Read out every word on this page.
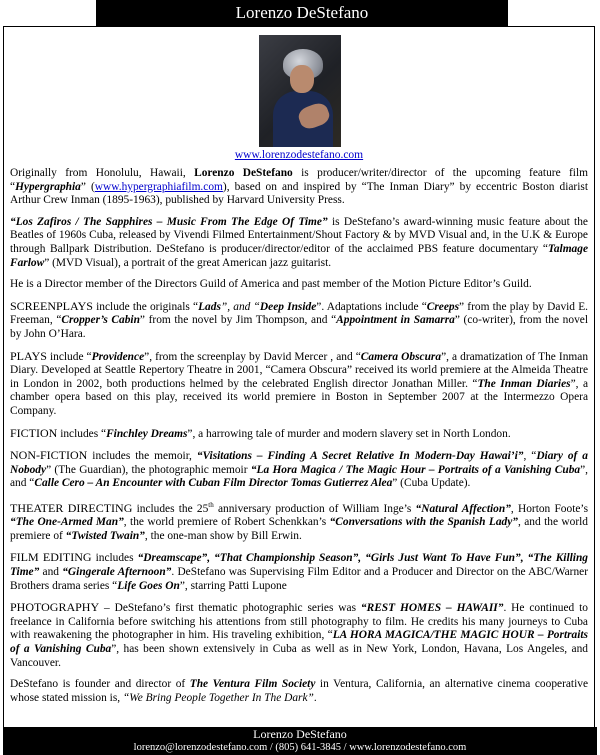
Lorenzo DeStefano
www.lorenzodestefano.com

Originally from Honolulu, Hawaii, Lorenzo DeStefano is producer/writer/director of the upcoming feature film “Hypergraphia” (www.hypergraphiafilm.com), based on and inspired by “The Inman Diary” by eccentric Boston diarist Arthur Crew Inman (1895-1963), published by Harvard University Press.

“Los Zafiros / The Sapphires – Music From The Edge Of Time” is DeStefano’s award-winning music feature about the Beatles of 1960s Cuba, released by Vivendi Filmed Entertainment/Shout Factory & by MVD Visual and, in the U.K & Europe through Ballpark Distribution. DeStefano is producer/director/editor of the acclaimed PBS feature documentary “Talmage Farlow” (MVD Visual), a portrait of the great American jazz guitarist.

He is a Director member of the Directors Guild of America and past member of the Motion Picture Editor’s Guild.

SCREENPLAYS include the originals “Lads”, and “Deep Inside”. Adaptations include “Creeps” from the play by David E. Freeman, “Cropper’s Cabin” from the novel by Jim Thompson, and “Appointment in Samarra” (co-writer), from the novel by John O’Hara.

PLAYS include “Providence”, from the screenplay by David Mercer , and “Camera Obscura”, a dramatization of The Inman Diary. Developed at Seattle Repertory Theatre in 2001, “Camera Obscura” received its world premiere at the Almeida Theatre in London in 2002, both productions helmed by the celebrated English director Jonathan Miller. “The Inman Diaries”, a chamber opera based on this play, received its world premiere in Boston in September 2007 at the Intermezzo Opera Company.

FICTION includes “Finchley Dreams”, a harrowing tale of murder and modern slavery set in North London.

NON-FICTION includes the memoir, “Visitations – Finding A Secret Relative In Modern-Day Hawai’i”, “Diary of a Nobody” (The Guardian), the photographic memoir “La Hora Magica / The Magic Hour – Portraits of a Vanishing Cuba”, and “Calle Cero – An Encounter with Cuban Film Director Tomas Gutierrez Alea” (Cuba Update).

THEATER DIRECTING includes the 25th anniversary production of William Inge’s “Natural Affection”, Horton Foote’s “The One-Armed Man”, the world premiere of Robert Schenkkan’s “Conversations with the Spanish Lady”, and the world premiere of “Twisted Twain”, the one-man show by Bill Erwin.

FILM EDITING includes “Dreamscape”, “That Championship Season”, “Girls Just Want To Have Fun”, “The Killing Time” and “Gingerale Afternoon”. DeStefano was Supervising Film Editor and a Producer and Director on the ABC/Warner Brothers drama series “Life Goes On”, starring Patti Lupone

PHOTOGRAPHY – DeStefano’s first thematic photographic series was “REST HOMES – HAWAII”. He continued to freelance in California before switching his attentions from still photography to film. He credits his many journeys to Cuba with reawakening the photographer in him. His traveling exhibition, “LA HORA MAGICA/THE MAGIC HOUR – Portraits of a Vanishing Cuba”, has been shown extensively in Cuba as well as in New York, London, Havana, Los Angeles, and Vancouver.

DeStefano is founder and director of The Ventura Film Society in Ventura, California, an alternative cinema cooperative whose stated mission is, “We Bring People Together In The Dark”.

Lorenzo DeStefano
lorenzo@lorenzodestefano.com / (805) 641-3845 / www.lorenzodestefano.com
